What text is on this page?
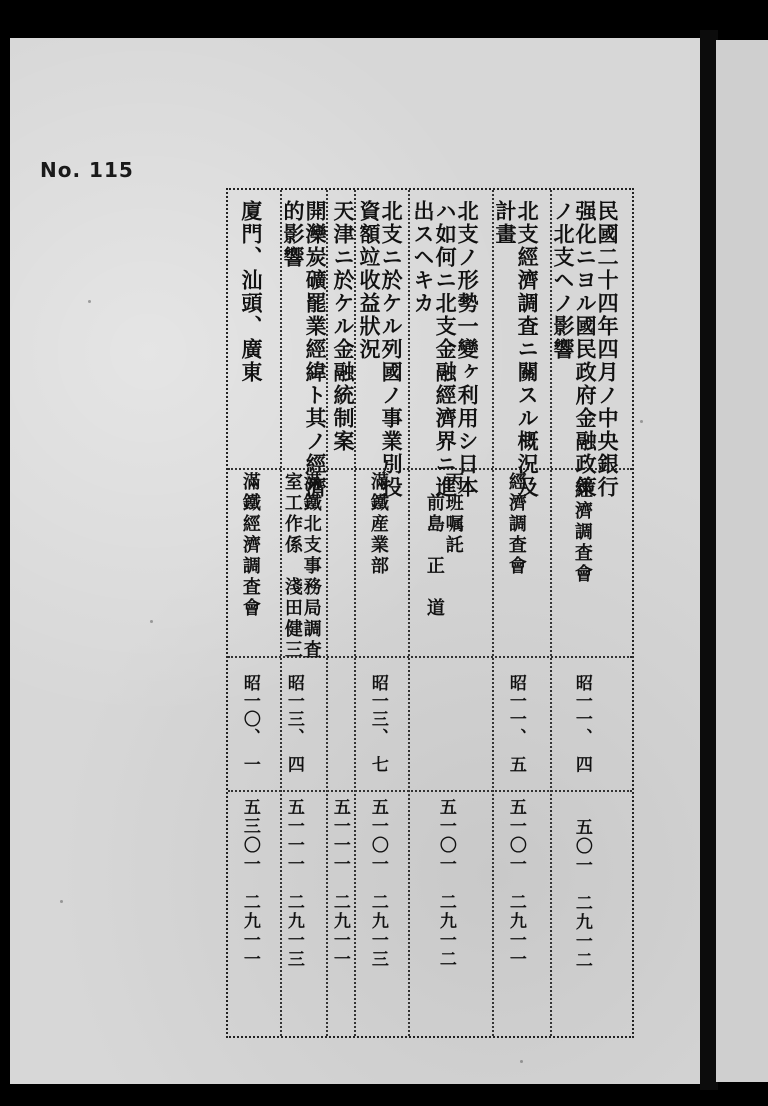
No. 115
民國二十四年四月ノ中央銀行
强化ニヨル國民政府金融政策
ノ北支ヘノ影響
經濟調査會
昭一一、　四
五〇一　二九一二
北支經濟調査ニ關スル概況及
計畫
經濟調査會
昭一一、　五
五一〇一　二九一一
北支ノ形勢一變ヶ利用シ日本
ハ如何ニ北支金融經濟界ニ進
出スヘキカ
丙班嘱託
　前島　正　道
五一〇一　二九一二
北支ニ於ケル列國ノ事業別投
資額竝收益狀況
滿鐵産業部
昭一三、　七
五一〇一　二九一三
天津ニ於ケル金融統制案
五一一一　二九一一
開灤炭礦罷業經緯ト其ノ經濟
的影響
滿鐵北支事務局調査
室工作係　淺田健三
昭一三、　四
五一一一　二九一三
廈門、汕頭、廣東
滿鐵經濟調査會
昭一〇、　一
五三〇一　二九一一
